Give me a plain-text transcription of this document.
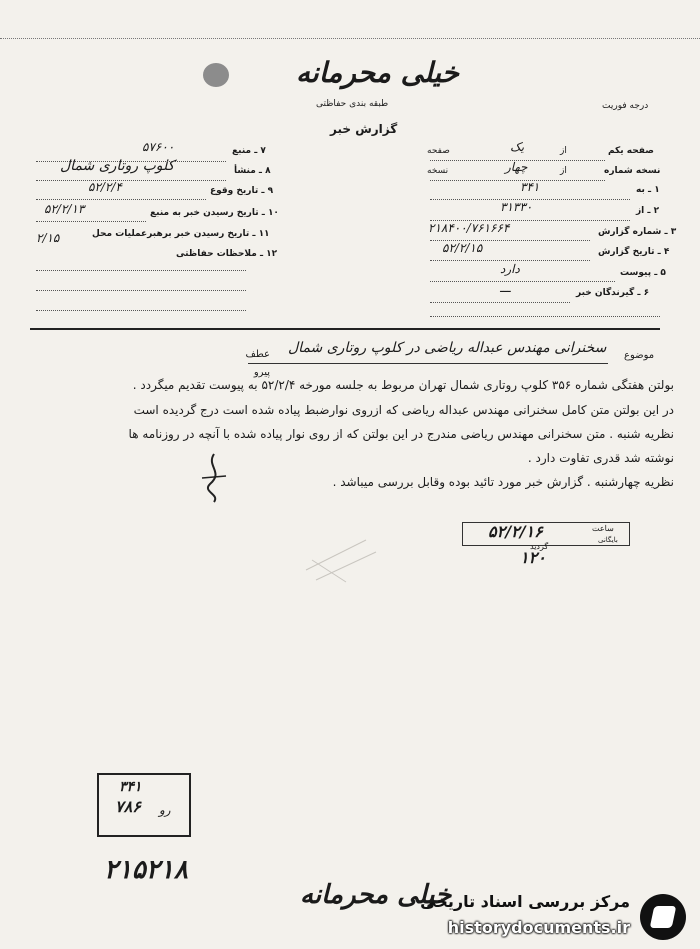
خیلی محرمانه
طبقه بندی حفاظتی
گزارش خبر
درجه فوریت
صفحه یکم
از
یک
صفحه
نسخه شماره
از
چهار
نسخه
۱ ـ به
۳۴۱
۲ ـ از
۳۱۳۳۰
۳ ـ شماره گزارش
۲۱۸۴۰۰/۷۶۱۶۶۴
۴ ـ تاریخ گزارش
۵۲/۲/۱۵
۵ ـ پیوست
دارد
۶ ـ گیرندگان خبر
ـــ
۷ ـ منبع
۵۷۶۰۰
۸ ـ منشأ
کلوپ روتاری شمال
۹ ـ تاریخ وقوع
۵۲/۲/۴
۱۰ ـ تاریخ رسیدن خبر به منبع
۵۲/۲/۱۳
۱۱ ـ تاریخ رسیدن خبر برهبرعملیات محل
۲/۱۵
۱۲ ـ ملاحظات حفاظتی
موضوع
سخنرانی مهندس عبداله ریاضی در کلوپ روتاری شمال
عطف پیرو
بولتن هفتگی شماره ۳۵۶ کلوپ روتاری شمال تهران مربوط به جلسه مورخه ۵۲/۲/۴ به پیوست تقدیم میگردد .
در این بولتن متن کامل سخنرانی مهندس عبداله ریاضی که ازروی نوارضبط پیاده شده است درج گردیده است
نظریه شنبه . متن سخنرانی مهندس ریاضی مندرج در این بولتن که از روی نوار پیاده شده با آنچه در روزنامه ها
نوشته شد قدری تفاوت دارد .
نظریه چهارشنبه . گزارش خبر مورد تائید بوده وقابل بررسی میباشد .
۵۲/۲/۱۶	ساعت
بایگانی
گردید
۱۲۰
۳۴۱
۷۸۶ رو
۲۱۵۲۱۸
خیلی محرمانه
مرکز بررسی اسناد تاریخی
historydocuments.ir
